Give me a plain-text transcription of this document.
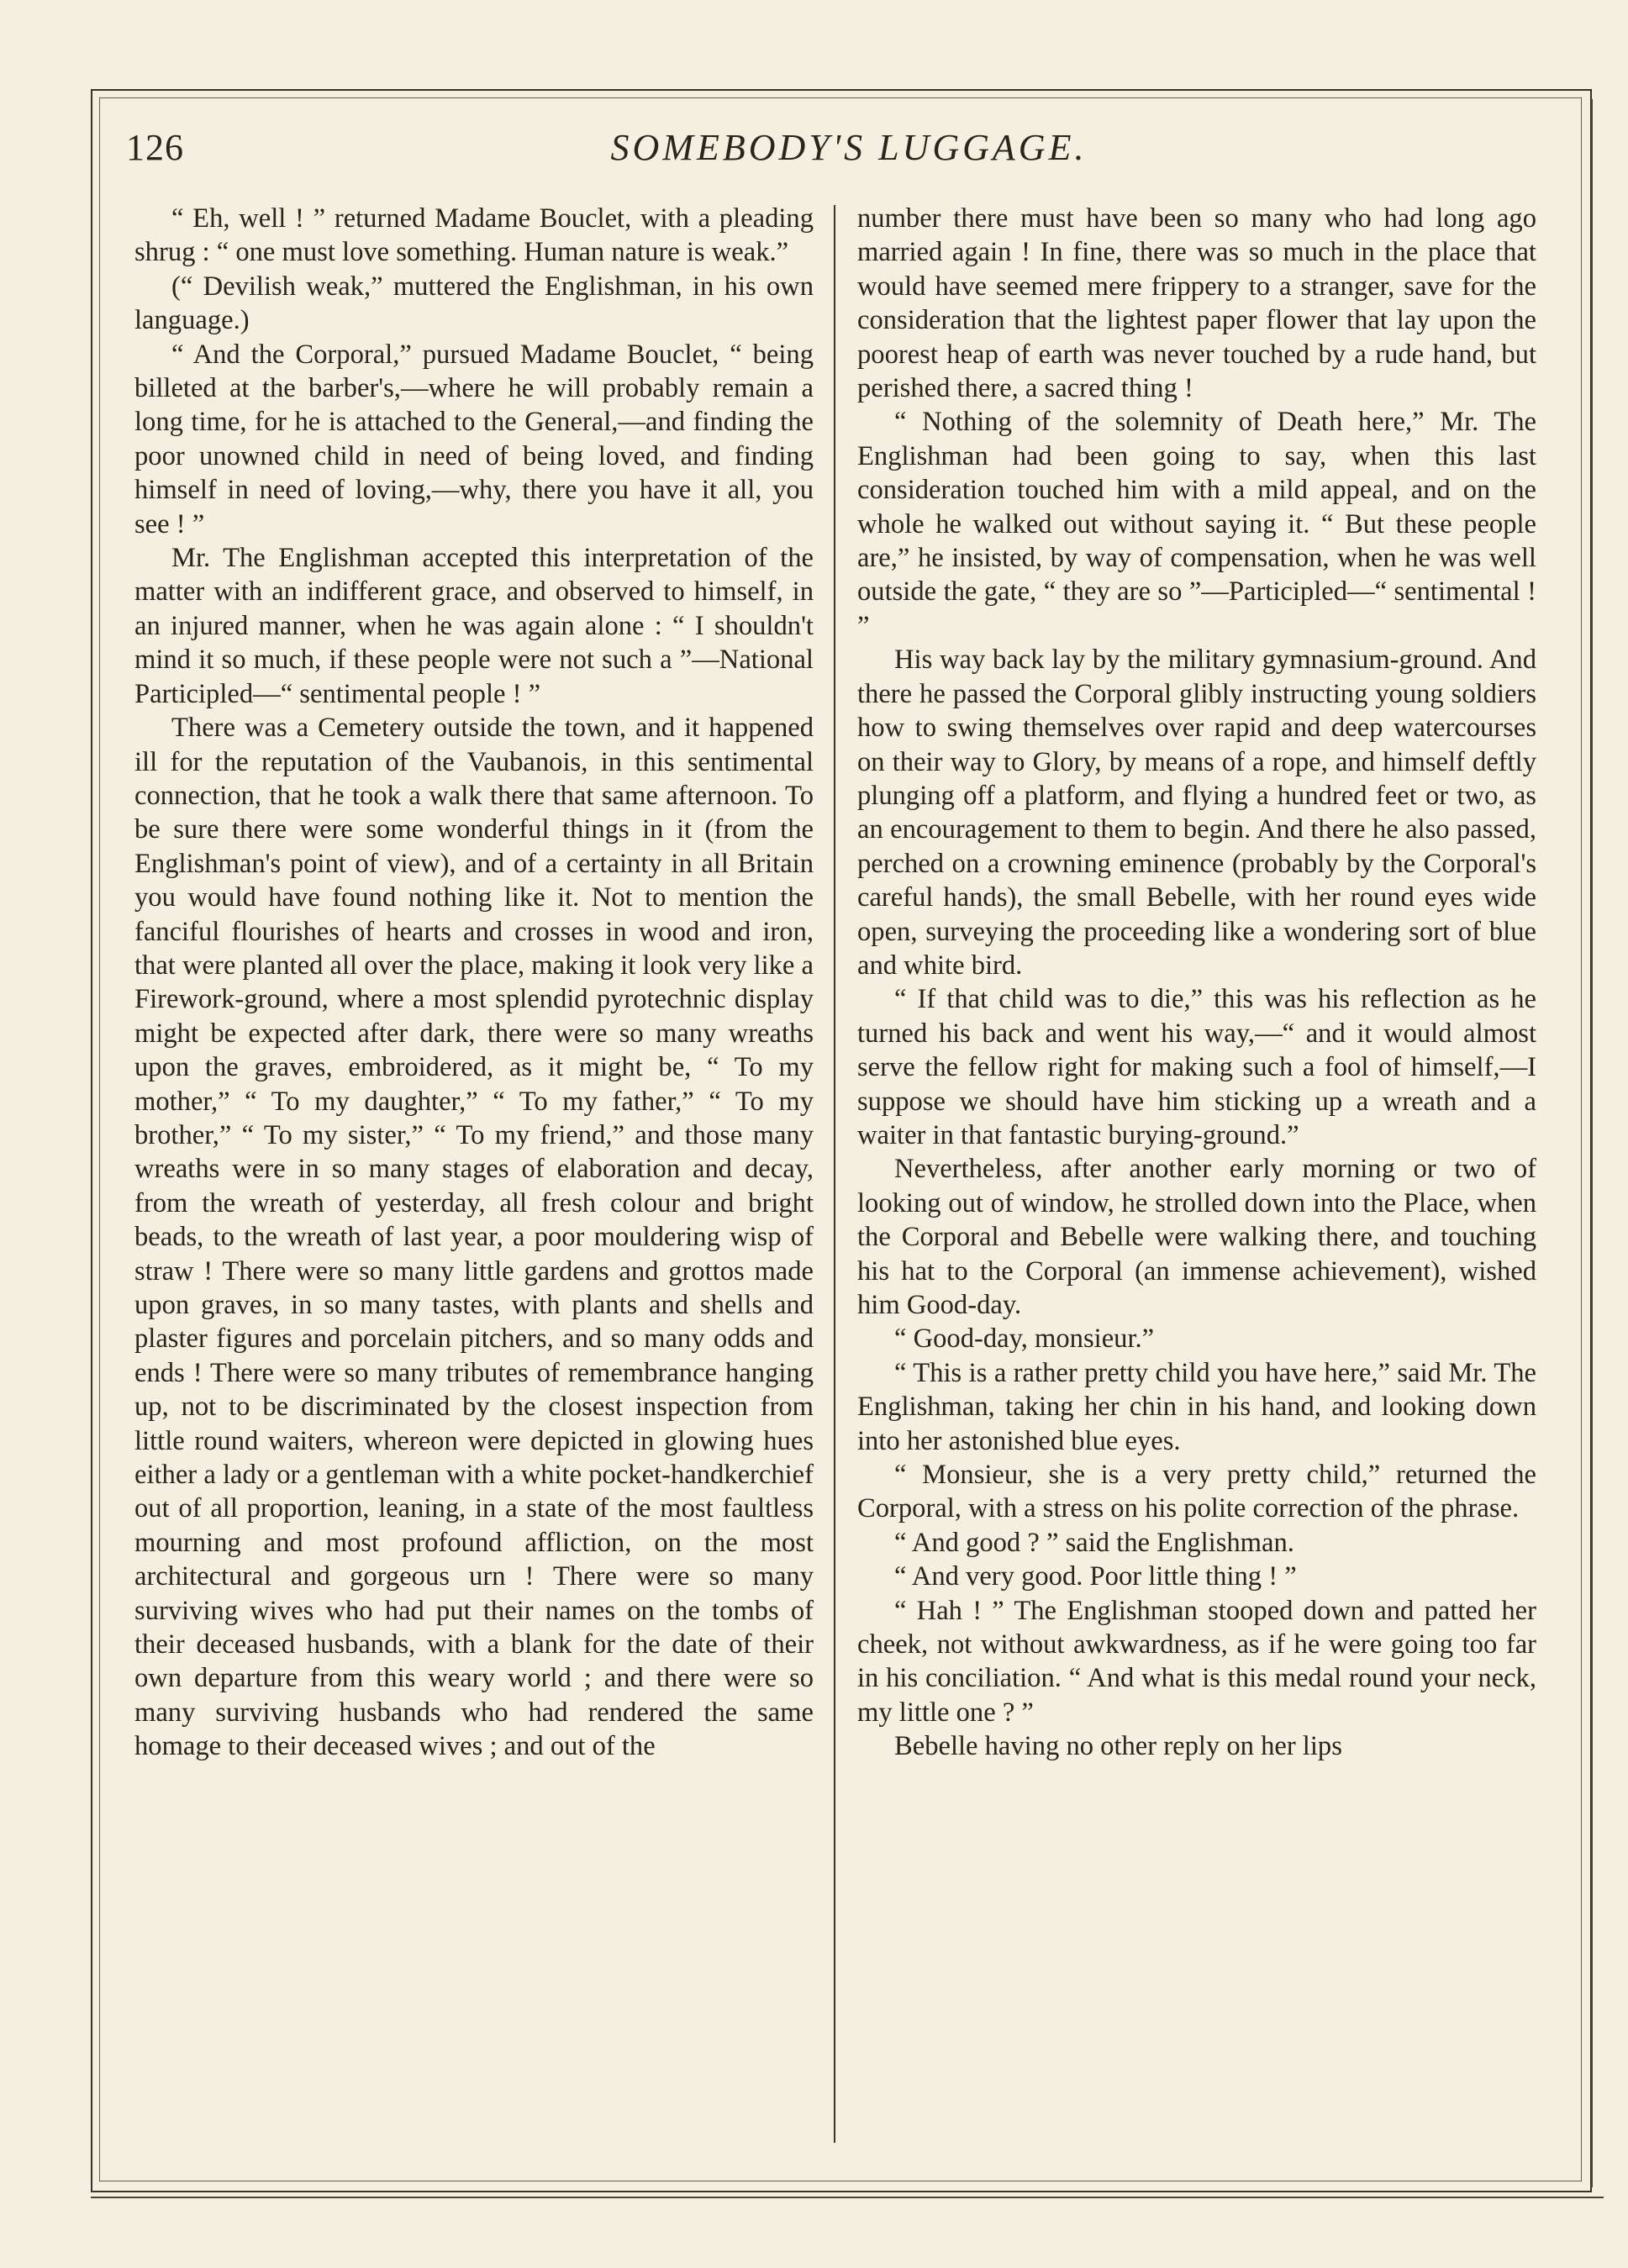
126	SOMEBODY'S LUGGAGE.

“ Eh, well ! ” returned Madame Bouclet, with a pleading shrug : “ one must love something. Human nature is weak.”

(“ Devilish weak,” muttered the Englishman, in his own language.)

“ And the Corporal,” pursued Madame Bouclet, “ being billeted at the barber's,—where he will probably remain a long time, for he is attached to the General,—and finding the poor unowned child in need of being loved, and finding himself in need of loving,—why, there you have it all, you see ! ”

Mr. The Englishman accepted this interpretation of the matter with an indifferent grace, and observed to himself, in an injured manner, when he was again alone : “ I shouldn't mind it so much, if these people were not such a ”—National Participled—“ sentimental people ! ”

There was a Cemetery outside the town, and it happened ill for the reputation of the Vaubanois, in this sentimental connection, that he took a walk there that same afternoon. To be sure there were some wonderful things in it (from the Englishman's point of view), and of a certainty in all Britain you would have found nothing like it. Not to mention the fanciful flourishes of hearts and crosses in wood and iron, that were planted all over the place, making it look very like a Firework-ground, where a most splendid pyrotechnic display might be expected after dark, there were so many wreaths upon the graves, embroidered, as it might be, “ To my mother,” “ To my daughter,” “ To my father,” “ To my brother,” “ To my sister,” “ To my friend,” and those many wreaths were in so many stages of elaboration and decay, from the wreath of yesterday, all fresh colour and bright beads, to the wreath of last year, a poor mouldering wisp of straw ! There were so many little gardens and grottos made upon graves, in so many tastes, with plants and shells and plaster figures and porcelain pitchers, and so many odds and ends ! There were so many tributes of remembrance hanging up, not to be discriminated by the closest inspection from little round waiters, whereon were depicted in glowing hues either a lady or a gentleman with a white pocket-handkerchief out of all proportion, leaning, in a state of the most faultless mourning and most profound affliction, on the most architectural and gorgeous urn ! There were so many surviving wives who had put their names on the tombs of their deceased husbands, with a blank for the date of their own departure from this weary world ; and there were so many surviving husbands who had rendered the same homage to their deceased wives ; and out of the

number there must have been so many who had long ago married again ! In fine, there was so much in the place that would have seemed mere frippery to a stranger, save for the consideration that the lightest paper flower that lay upon the poorest heap of earth was never touched by a rude hand, but perished there, a sacred thing !

“ Nothing of the solemnity of Death here,” Mr. The Englishman had been going to say, when this last consideration touched him with a mild appeal, and on the whole he walked out without saying it. “ But these people are,” he insisted, by way of compensation, when he was well outside the gate, “ they are so ”—Participled—“ sentimental ! ”

His way back lay by the military gymnasium-ground. And there he passed the Corporal glibly instructing young soldiers how to swing themselves over rapid and deep watercourses on their way to Glory, by means of a rope, and himself deftly plunging off a platform, and flying a hundred feet or two, as an encouragement to them to begin. And there he also passed, perched on a crowning eminence (probably by the Corporal's careful hands), the small Bebelle, with her round eyes wide open, surveying the proceeding like a wondering sort of blue and white bird.

“ If that child was to die,” this was his reflection as he turned his back and went his way,—“ and it would almost serve the fellow right for making such a fool of himself,—I suppose we should have him sticking up a wreath and a waiter in that fantastic burying-ground.”

Nevertheless, after another early morning or two of looking out of window, he strolled down into the Place, when the Corporal and Bebelle were walking there, and touching his hat to the Corporal (an immense achievement), wished him Good-day.

“ Good-day, monsieur.”

“ This is a rather pretty child you have here,” said Mr. The Englishman, taking her chin in his hand, and looking down into her astonished blue eyes.

“ Monsieur, she is a very pretty child,” returned the Corporal, with a stress on his polite correction of the phrase.

“ And good ? ” said the Englishman.

“ And very good. Poor little thing ! ”

“ Hah ! ” The Englishman stooped down and patted her cheek, not without awkwardness, as if he were going too far in his conciliation. “ And what is this medal round your neck, my little one ? ”

Bebelle having no other reply on her lips
